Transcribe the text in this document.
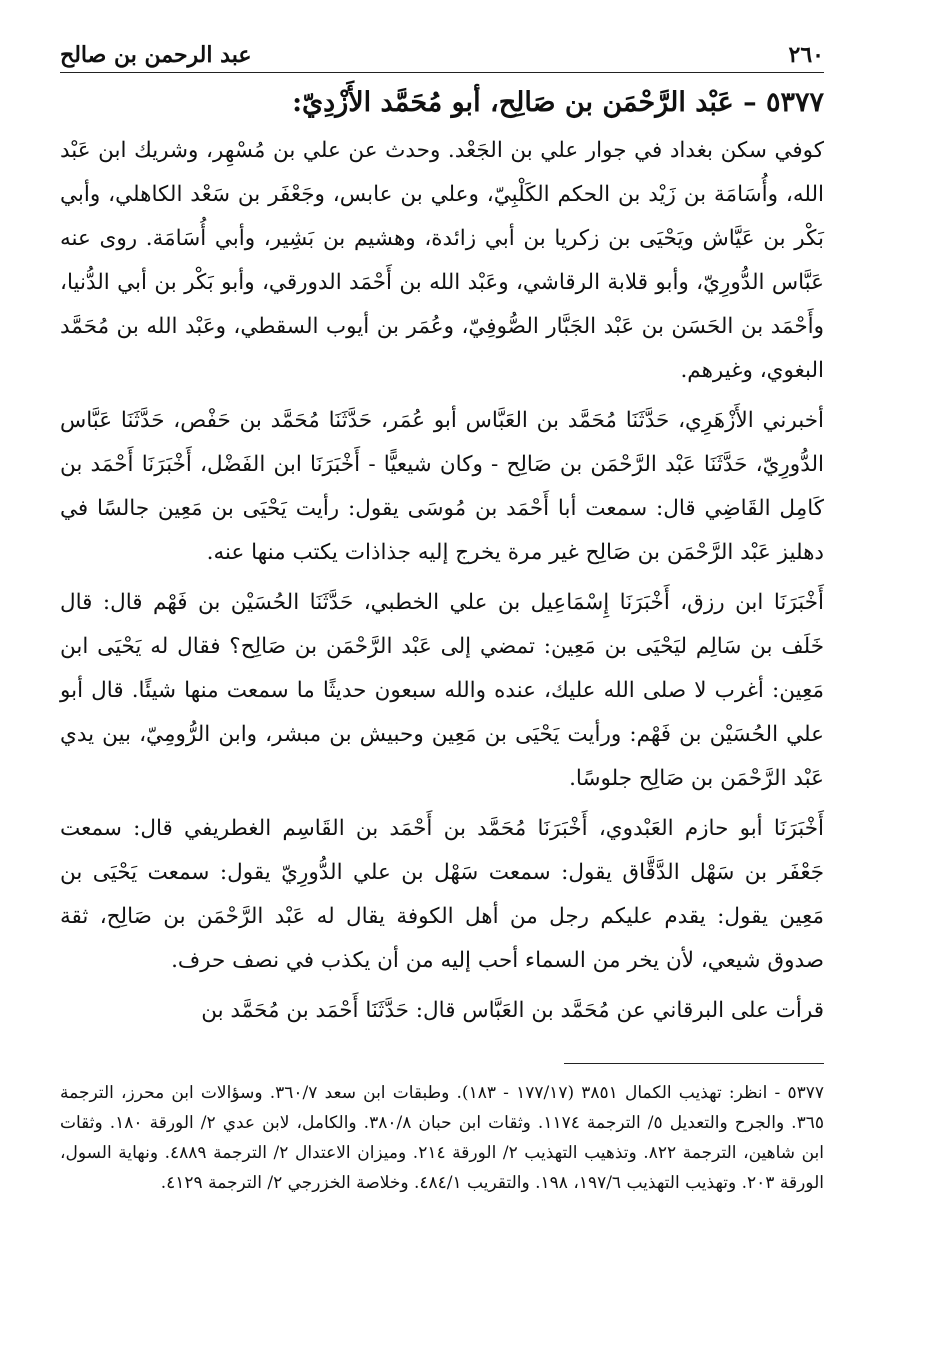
٢٦٠
عبد الرحمن بن صالح
٥٣٧٧ – عَبْد الرَّحْمَن بن صَالِح، أبو مُحَمَّد الأَزْدِيّ:

كوفي سكن بغداد في جوار علي بن الجَعْد. وحدث عن علي بن مُسْهِر، وشريك ابن عَبْد الله، وأُسَامَة بن زَيْد بن الحكم الكَلْبِيّ، وعلي بن عابس، وجَعْفَر بن سَعْد الكاهلي، وأبي بَكْر بن عَيَّاش ويَحْيَى بن زكريا بن أبي زائدة، وهشيم بن بَشِير، وأبي أُسَامَة. روى عنه عَبَّاس الدُّورِيّ، وأبو قلابة الرقاشي، وعَبْد الله بن أَحْمَد الدورقي، وأبو بَكْر بن أبي الدُّنيا، وأَحْمَد بن الحَسَن بن عَبْد الجَبَّار الصُّوفِيّ، وعُمَر بن أيوب السقطي، وعَبْد الله بن مُحَمَّد البغوي، وغيرهم.

أخبرني الأَزْهَرِي، حَدَّثَنَا مُحَمَّد بن العَبَّاس أبو عُمَر، حَدَّثَنَا مُحَمَّد بن حَفْص، حَدَّثَنَا عَبَّاس الدُّورِيّ، حَدَّثَنَا عَبْد الرَّحْمَن بن صَالِح - وكان شيعيًّا - أَخْبَرَنَا ابن الفَضْل، أَخْبَرَنَا أَحْمَد بن كَامِل القَاضِي قال: سمعت أبا أَحْمَد بن مُوسَى يقول: رأيت يَحْيَى بن مَعِين جالسًا في دهليز عَبْد الرَّحْمَن بن صَالِح غير مرة يخرج إليه جذاذات يكتب منها عنه.

أَخْبَرَنَا ابن رزق، أَخْبَرَنَا إِسْمَاعِيل بن علي الخطبي، حَدَّثَنَا الحُسَيْن بن فَهْم قال: قال خَلَف بن سَالِم ليَحْيَى بن مَعِين: تمضي إلى عَبْد الرَّحْمَن بن صَالِح؟ فقال له يَحْيَى ابن مَعِين: أغرب لا صلى الله عليك، عنده والله سبعون حديثًا ما سمعت منها شيئًا. قال أبو علي الحُسَيْن بن فَهْم: ورأيت يَحْيَى بن مَعِين وحبيش بن مبشر، وابن الرُّومِيّ، بين يدي عَبْد الرَّحْمَن بن صَالِح جلوسًا.

أَخْبَرَنَا أبو حازم العَبْدوي، أَخْبَرَنَا مُحَمَّد بن أَحْمَد بن القَاسِم الغطريفي قال: سمعت جَعْفَر بن سَهْل الدَّقَّاق يقول: سمعت سَهْل بن علي الدُّورِيّ يقول: سمعت يَحْيَى بن مَعِين يقول: يقدم عليكم رجل من أهل الكوفة يقال له عَبْد الرَّحْمَن بن صَالِح، ثقة صدوق شيعي، لأن يخر من السماء أحب إليه من أن يكذب في نصف حرف.

قرأت على البرقاني عن مُحَمَّد بن العَبَّاس قال: حَدَّثَنَا أَحْمَد بن مُحَمَّد بن

٥٣٧٧ - انظر: تهذيب الكمال ٣٨٥١ (١٧٧/١٧ - ١٨٣). وطبقات ابن سعد ٣٦٠/٧. وسؤالات ابن محرز، الترجمة ٣٦٥. والجرح والتعديل ٥/ الترجمة ١١٧٤. وثقات ابن حبان ٣٨٠/٨. والكامل، لابن عدي ٢/ الورقة ١٨٠. وثقات ابن شاهين، الترجمة ٨٢٢. وتذهيب التهذيب ٢/ الورقة ٢١٤. وميزان الاعتدال ٢/ الترجمة ٤٨٨٩. ونهاية السول، الورقة ٢٠٣. وتهذيب التهذيب ١٩٧/٦، ١٩٨. والتقريب ٤٨٤/١. وخلاصة الخزرجي ٢/ الترجمة ٤١٢٩.
